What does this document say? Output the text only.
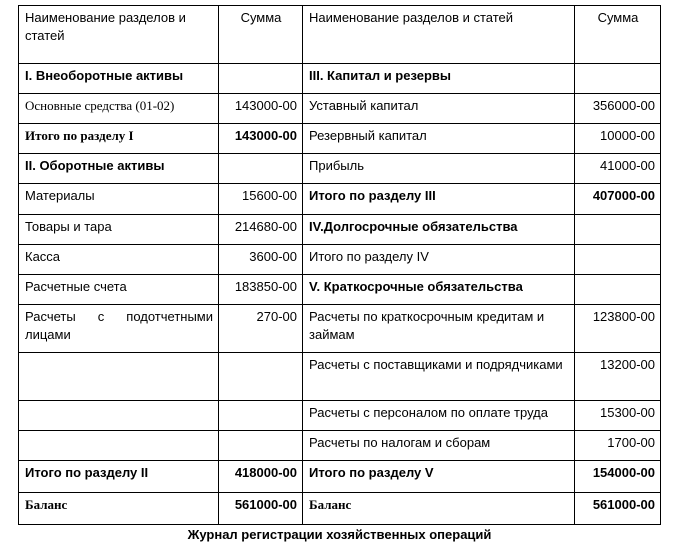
Наименование разделов и статей	Сумма	Наименование разделов и статей	Сумма
I. Внеоборотные активы		III. Капитал и резервы	
Основные средства (01-02)	143000-00	Уставный капитал	356000-00
Итого по разделу I	143000-00	Резервный капитал	10000-00
II. Оборотные активы		Прибыль	41000-00
Материалы	15600-00	Итого по разделу III	407000-00
Товары и тара	214680-00	IV.Долгосрочные обязательства	
Касса	3600-00	Итого по разделу IV	
Расчетные счета	183850-00	V. Краткосрочные обязательства	
Расчеты с подотчетными лицами	270-00	Расчеты по краткосрочным кредитам и займам	123800-00
		Расчеты с поставщиками и подрядчиками	13200-00
		Расчеты с персоналом по оплате труда	15300-00
		Расчеты по налогам и сборам	1700-00
Итого по разделу II	418000-00	Итого по разделу V	154000-00
Баланс	561000-00	Баланс	561000-00
Журнал регистрации хозяйственных операций
